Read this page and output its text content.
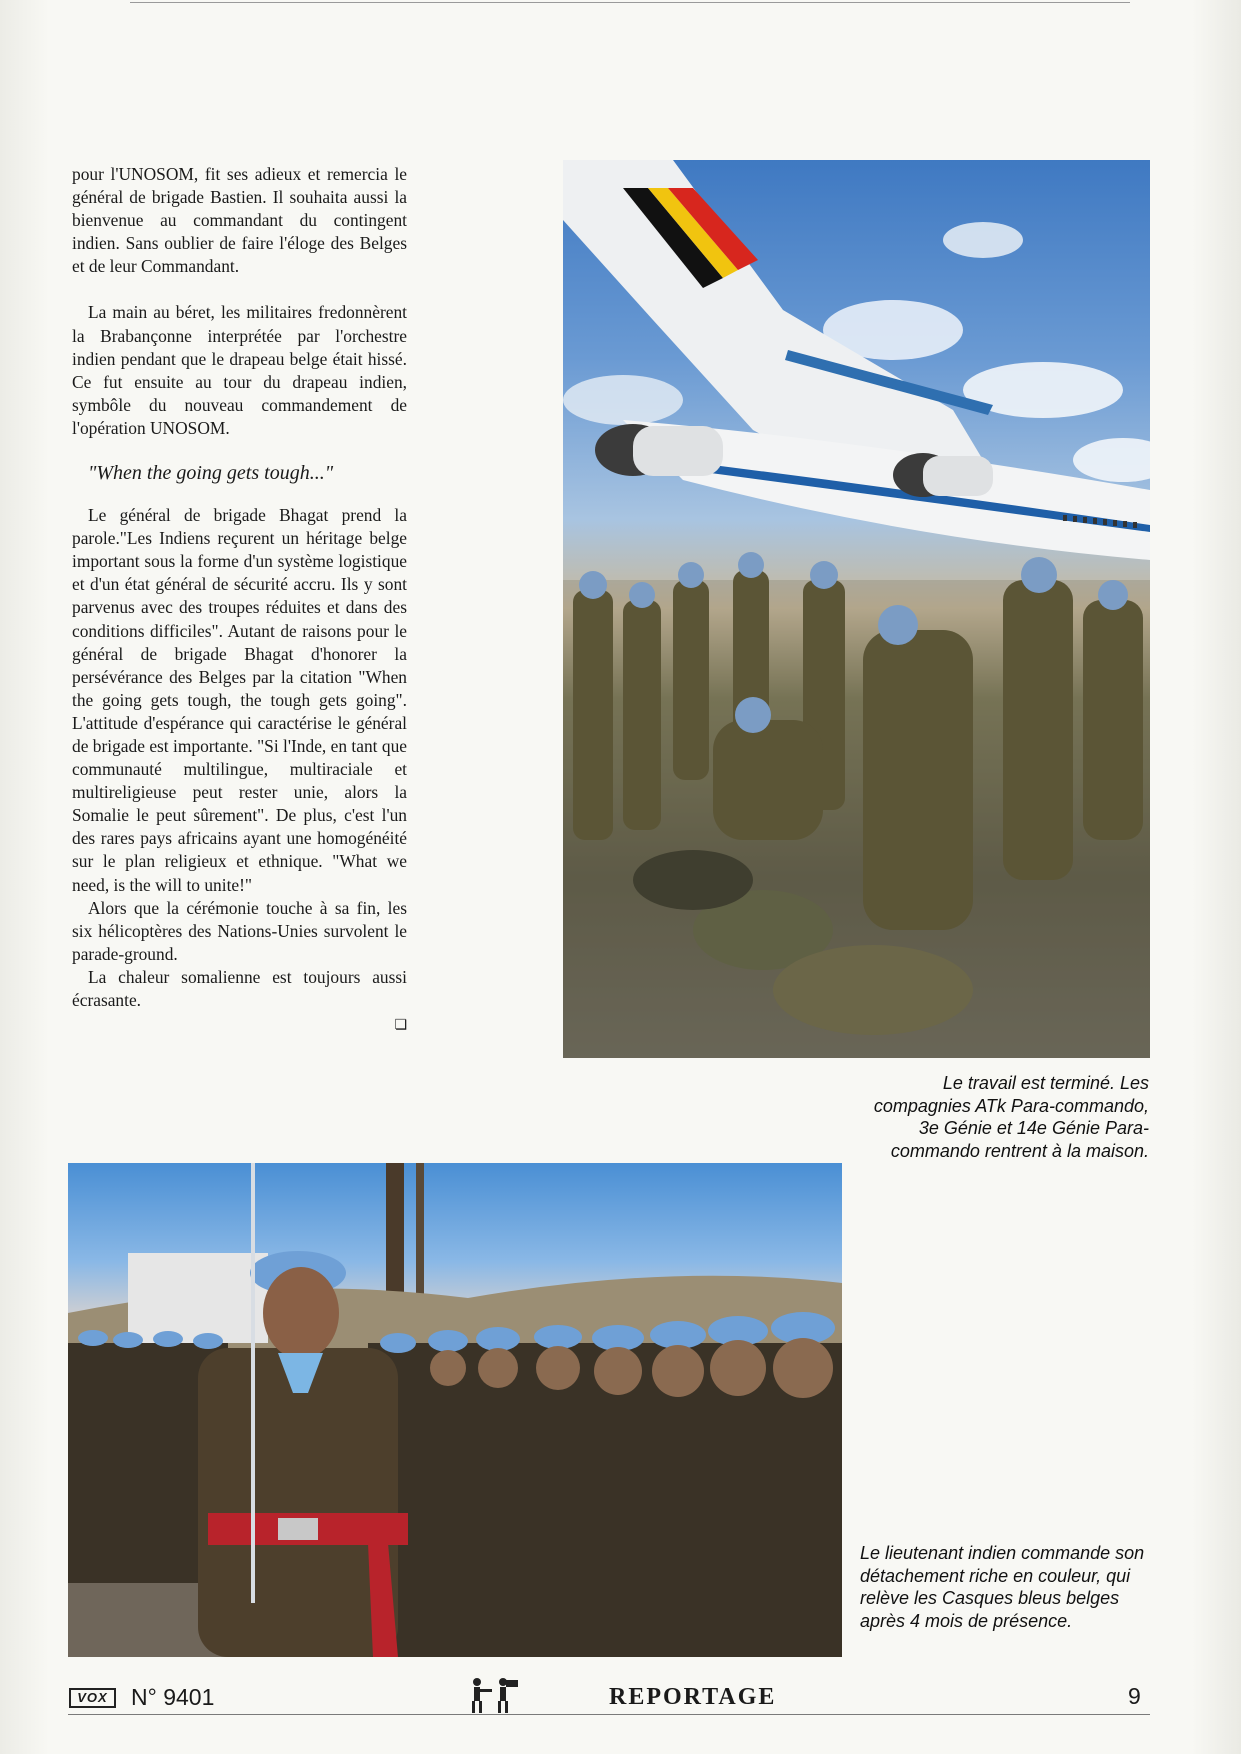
pour l'UNOSOM, fit ses adieux et remercia le général de brigade Bastien. Il souhaita aussi la bienvenue au commandant du contingent indien. Sans oublier de faire l'éloge des Belges et de leur Commandant.

La main au béret, les militaires fredonnèrent la Brabançonne interprétée par l'orchestre indien pendant que le drapeau belge était hissé. Ce fut ensuite au tour du drapeau indien, symbôle du nouveau commandement de l'opération UNOSOM.

"When the going gets tough..."

Le général de brigade Bhagat prend la parole."Les Indiens reçurent un héritage belge important sous la forme d'un système logistique et d'un état général de sécurité accru. Ils y sont parvenus avec des troupes réduites et dans des conditions difficiles". Autant de raisons pour le général de brigade Bhagat d'honorer la persévérance des Belges par la citation "When the going gets tough, the tough gets going". L'attitude d'espérance qui caractérise le général de brigade est importante. "Si l'Inde, en tant que communauté multilingue, multiraciale et multireligieuse peut rester unie, alors la Somalie le peut sûrement". De plus, c'est l'un des rares pays africains ayant une homogénéité sur le plan religieux et ethnique. "What we need, is the will to unite!"

Alors que la cérémonie touche à sa fin, les six hélicoptères des Nations-Unies survolent le parade-ground.

La chaleur somalienne est toujours aussi écrasante.

❏
Le travail est terminé. Les compagnies ATk Para-commando, 3e Génie et 14e Génie Para-commando rentrent à la maison.
Le lieutenant indien commande son détachement riche en couleur, qui relève les Casques bleus belges après 4 mois de présence.
VOX	N° 9401	REPORTAGE	9
